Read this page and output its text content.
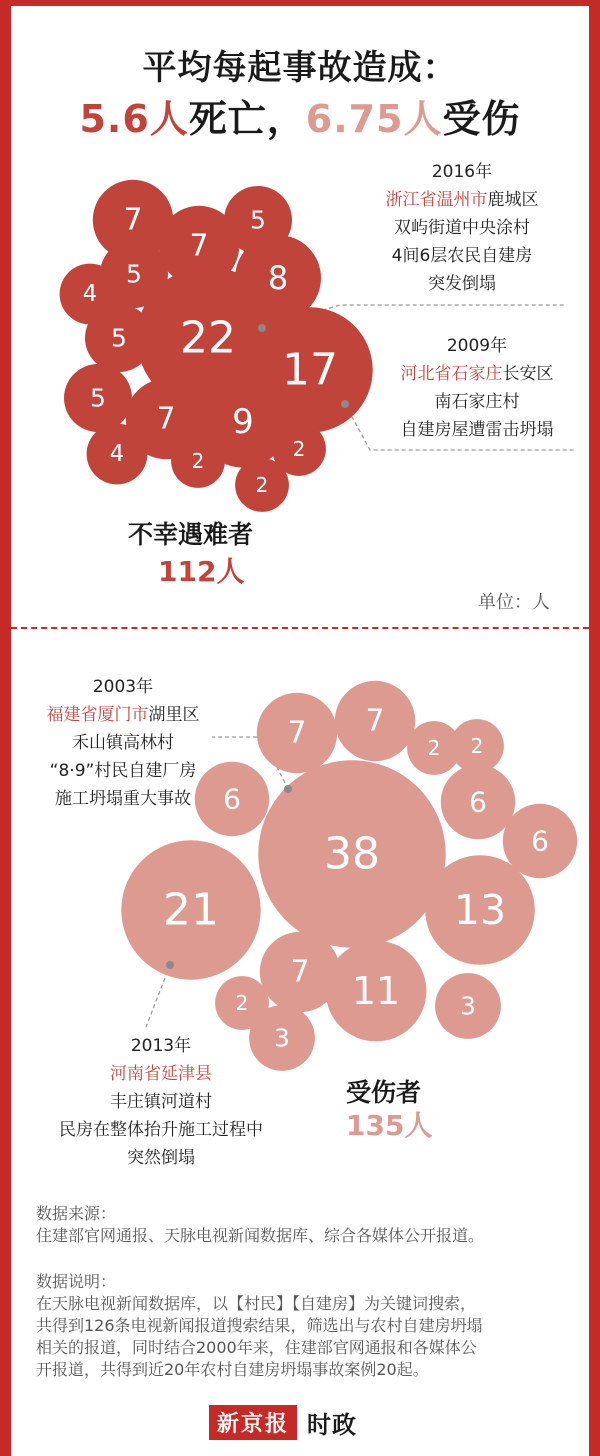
平均每起事故造成：
5.6人死亡，6.75人受伤
7	5
7
4
5	8
5 22
17
5
7 9
2
4	2
2
7 7
2 2
6	6
38	6
21	13
7 11
2	3
3
2016年
浙江省温州市鹿城区
双屿街道中央涂村
4间6层农民自建房
突发倒塌
2009年
河北省石家庄长安区
南石家庄村
自建房屋遭雷击坍塌
不幸遇难者
112人
单位：人
2003年
福建省厦门市湖里区
禾山镇高林村
“8·9”村民自建厂房
施工坍塌重大事故
2013年
河南省延津县
丰庄镇河道村
民房在整体抬升施工过程中
突然倒塌
受伤者
135人

数据来源：

住建部官网通报、天脉电视新闻数据库、综合各媒体公开报道。

数据说明：

在天脉电视新闻数据库，以【村民】【自建房】为关键词搜索，

共得到126条电视新闻报道搜索结果，筛选出与农村自建房坍塌

相关的报道，同时结合2000年来，住建部官网通报和各媒体公

开报道，共得到近20年农村自建房坍塌事故案例20起。

新京报 时政
